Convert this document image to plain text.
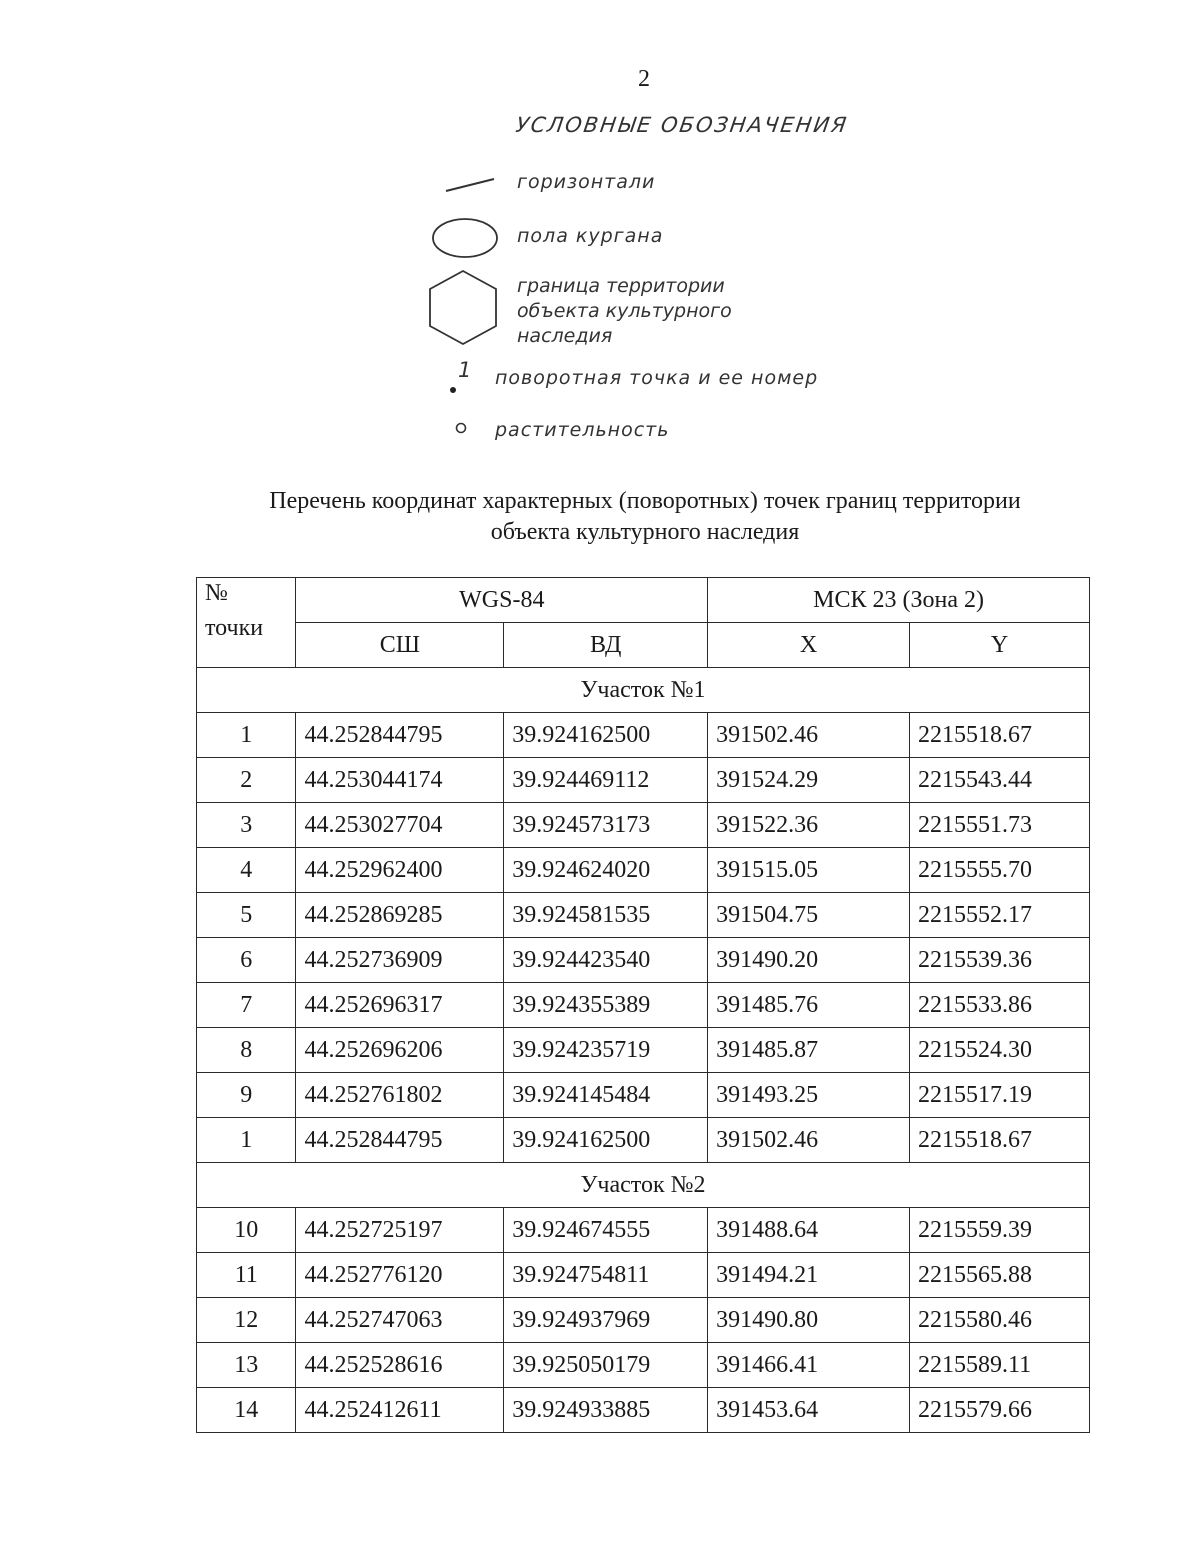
2
УСЛОВНЫЕ ОБОЗНАЧЕНИЯ
горизонтали
пола кургана
граница территории
объекта культурного
наследия
1 поворотная точка и ее номер
растительность
Перечень координат характерных (поворотных) точек границ территории
объекта культурного наследия
№
точки	WGS-84		МСК 23 (Зона 2)	
	СШ	ВД	X	Y
Участок №1				
1	44.252844795	39.924162500	391502.46	2215518.67
2	44.253044174	39.924469112	391524.29	2215543.44
3	44.253027704	39.924573173	391522.36	2215551.73
4	44.252962400	39.924624020	391515.05	2215555.70
5	44.252869285	39.924581535	391504.75	2215552.17
6	44.252736909	39.924423540	391490.20	2215539.36
7	44.252696317	39.924355389	391485.76	2215533.86
8	44.252696206	39.924235719	391485.87	2215524.30
9	44.252761802	39.924145484	391493.25	2215517.19
1	44.252844795	39.924162500	391502.46	2215518.67
Участок №2				
10	44.252725197	39.924674555	391488.64	2215559.39
11	44.252776120	39.924754811	391494.21	2215565.88
12	44.252747063	39.924937969	391490.80	2215580.46
13	44.252528616	39.925050179	391466.41	2215589.11
14	44.252412611	39.924933885	391453.64	2215579.66
